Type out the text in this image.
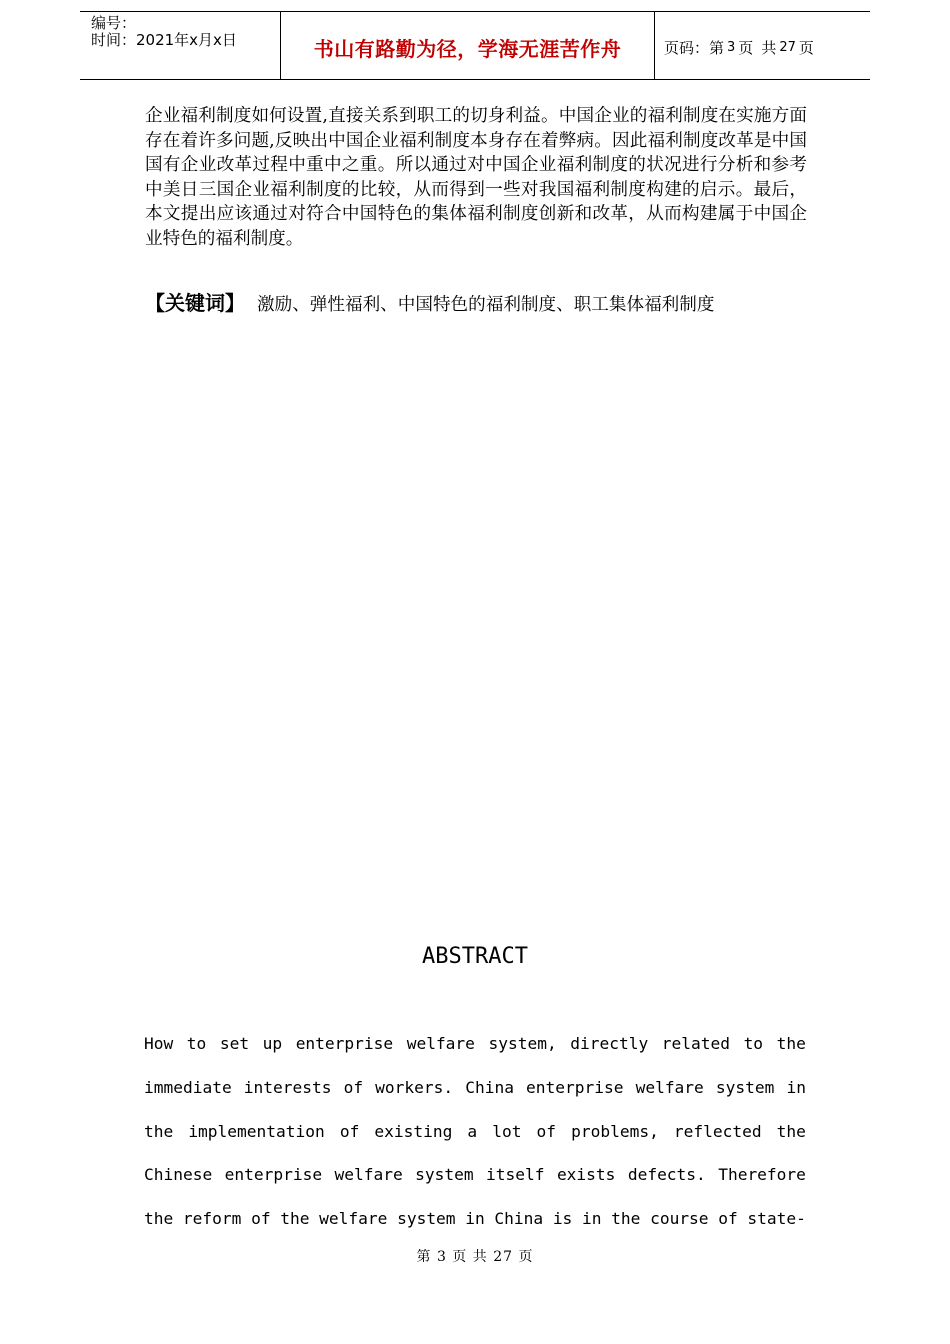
编号：
时间：2021年x月x日	书山有路勤为径，学海无涯苦作舟	页码：第 3 页 共 27 页
企业福利制度如何设置,直接关系到职工的切身利益。中国企业的福利制度在实施方面存在着许多问题,反映出中国企业福利制度本身存在着弊病。因此福利制度改革是中国国有企业改革过程中重中之重。所以通过对中国企业福利制度的状况进行分析和参考中美日三国企业福利制度的比较，从而得到一些对我国福利制度构建的启示。最后，本文提出应该通过对符合中国特色的集体福利制度创新和改革，从而构建属于中国企业特色的福利制度。
【关键词】 激励、弹性福利、中国特色的福利制度、职工集体福利制度
ABSTRACT
How to set up enterprise welfare system, directly related to the
immediate interests of workers. China enterprise welfare system in
the implementation of existing a lot of problems, reflected the
Chinese enterprise welfare system itself exists defects. Therefore
the reform of the welfare system in China is in the course of state-
第 3 页 共 27 页
